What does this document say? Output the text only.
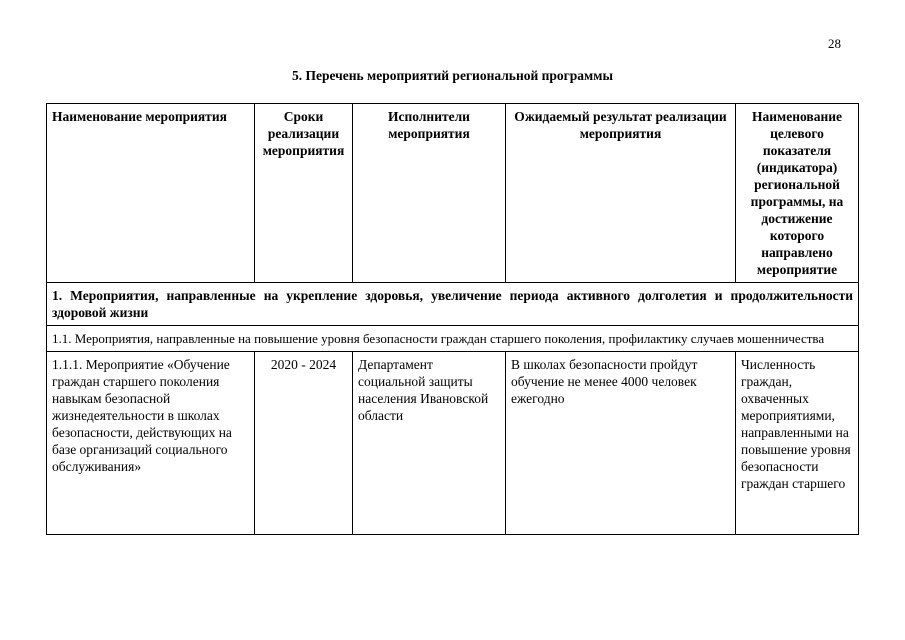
28
5. Перечень мероприятий региональной программы
Наименование мероприятия	Сроки реализации мероприятия	Исполнители мероприятия	Ожидаемый результат реализации мероприятия	Наименование целевого показателя (индикатора) региональной программы, на достижение которого направлено мероприятие
1. Мероприятия, направленные на укрепление здоровья, увеличение периода активного долголетия и продолжительности здоровой жизни				
1.1. Мероприятия, направленные на повышение уровня безопасности граждан старшего поколения, профилактику случаев мошенничества				
1.1.1. Мероприятие «Обучение граждан старшего поколения навыкам безопасной жизнедеятельности в школах безопасности, действующих на базе организаций социального обслуживания»	2020 - 2024	Департамент социальной защиты населения Ивановской области	В школах безопасности пройдут обучение не менее 4000 человек ежегодно	Численность граждан, охваченных мероприятиями, направленными на повышение уровня безопасности граждан старшего
